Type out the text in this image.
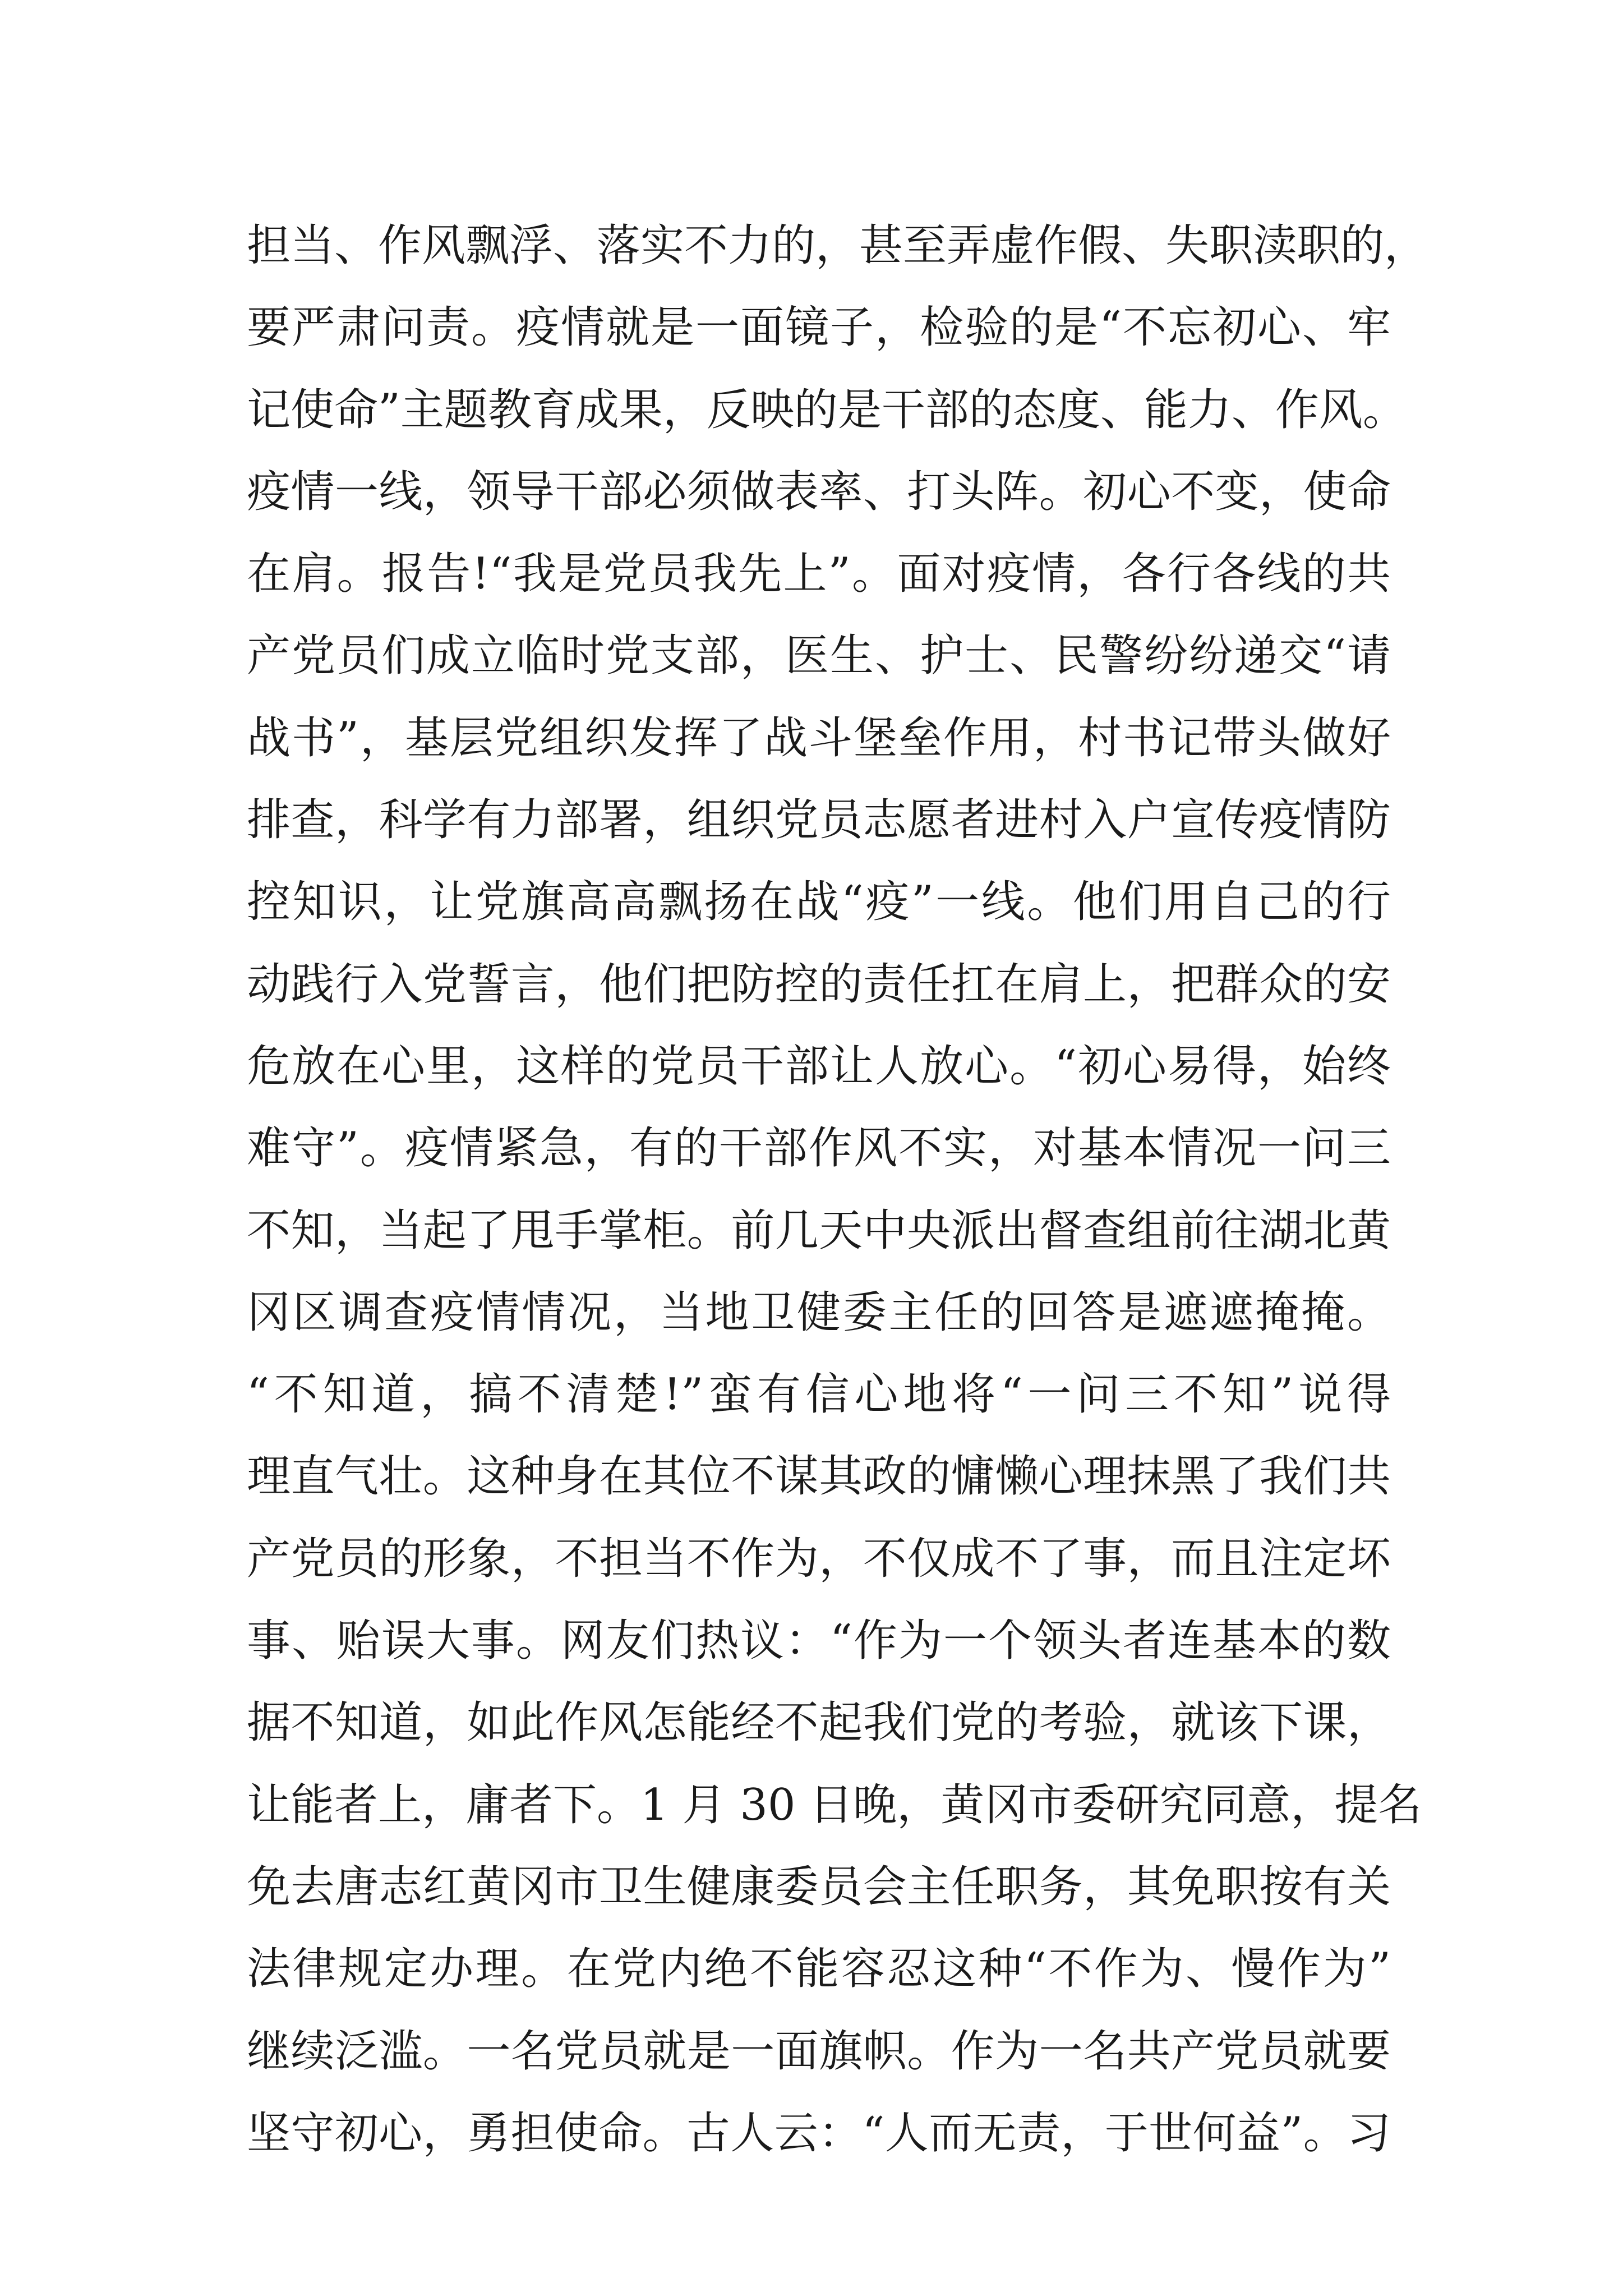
担当、作风飘浮、落实不力的，甚至弄虚作假、失职渎职的，
要严肃问责。疫情就是一面镜子，检验的是“不忘初心、牢
记使命”主题教育成果，反映的是干部的态度、能力、作风。
疫情一线，领导干部必须做表率、打头阵。初心不变，使命
在肩。报告!“我是党员我先上”。面对疫情，各行各线的共
产党员们成立临时党支部，医生、护士、民警纷纷递交“请
战书”，基层党组织发挥了战斗堡垒作用，村书记带头做好
排查，科学有力部署，组织党员志愿者进村入户宣传疫情防
控知识，让党旗高高飘扬在战“疫”一线。他们用自己的行
动践行入党誓言，他们把防控的责任扛在肩上，把群众的安
危放在心里，这样的党员干部让人放心。“初心易得，始终
难守”。疫情紧急，有的干部作风不实，对基本情况一问三
不知，当起了甩手掌柜。前几天中央派出督查组前往湖北黄
冈区调查疫情情况，当地卫健委主任的回答是遮遮掩掩。
“不知道，搞不清楚!”蛮有信心地将“一问三不知”说得
理直气壮。这种身在其位不谋其政的慵懒心理抹黑了我们共
产党员的形象，不担当不作为，不仅成不了事，而且注定坏
事、贻误大事。网友们热议：“作为一个领头者连基本的数
据不知道，如此作风怎能经不起我们党的考验，就该下课，
让能者上，庸者下。1 月 30 日晚，黄冈市委研究同意，提名
免去唐志红黄冈市卫生健康委员会主任职务，其免职按有关
法律规定办理。在党内绝不能容忍这种“不作为、慢作为”
继续泛滥。一名党员就是一面旗帜。作为一名共产党员就要
坚守初心，勇担使命。古人云：“人而无责，于世何益”。习
